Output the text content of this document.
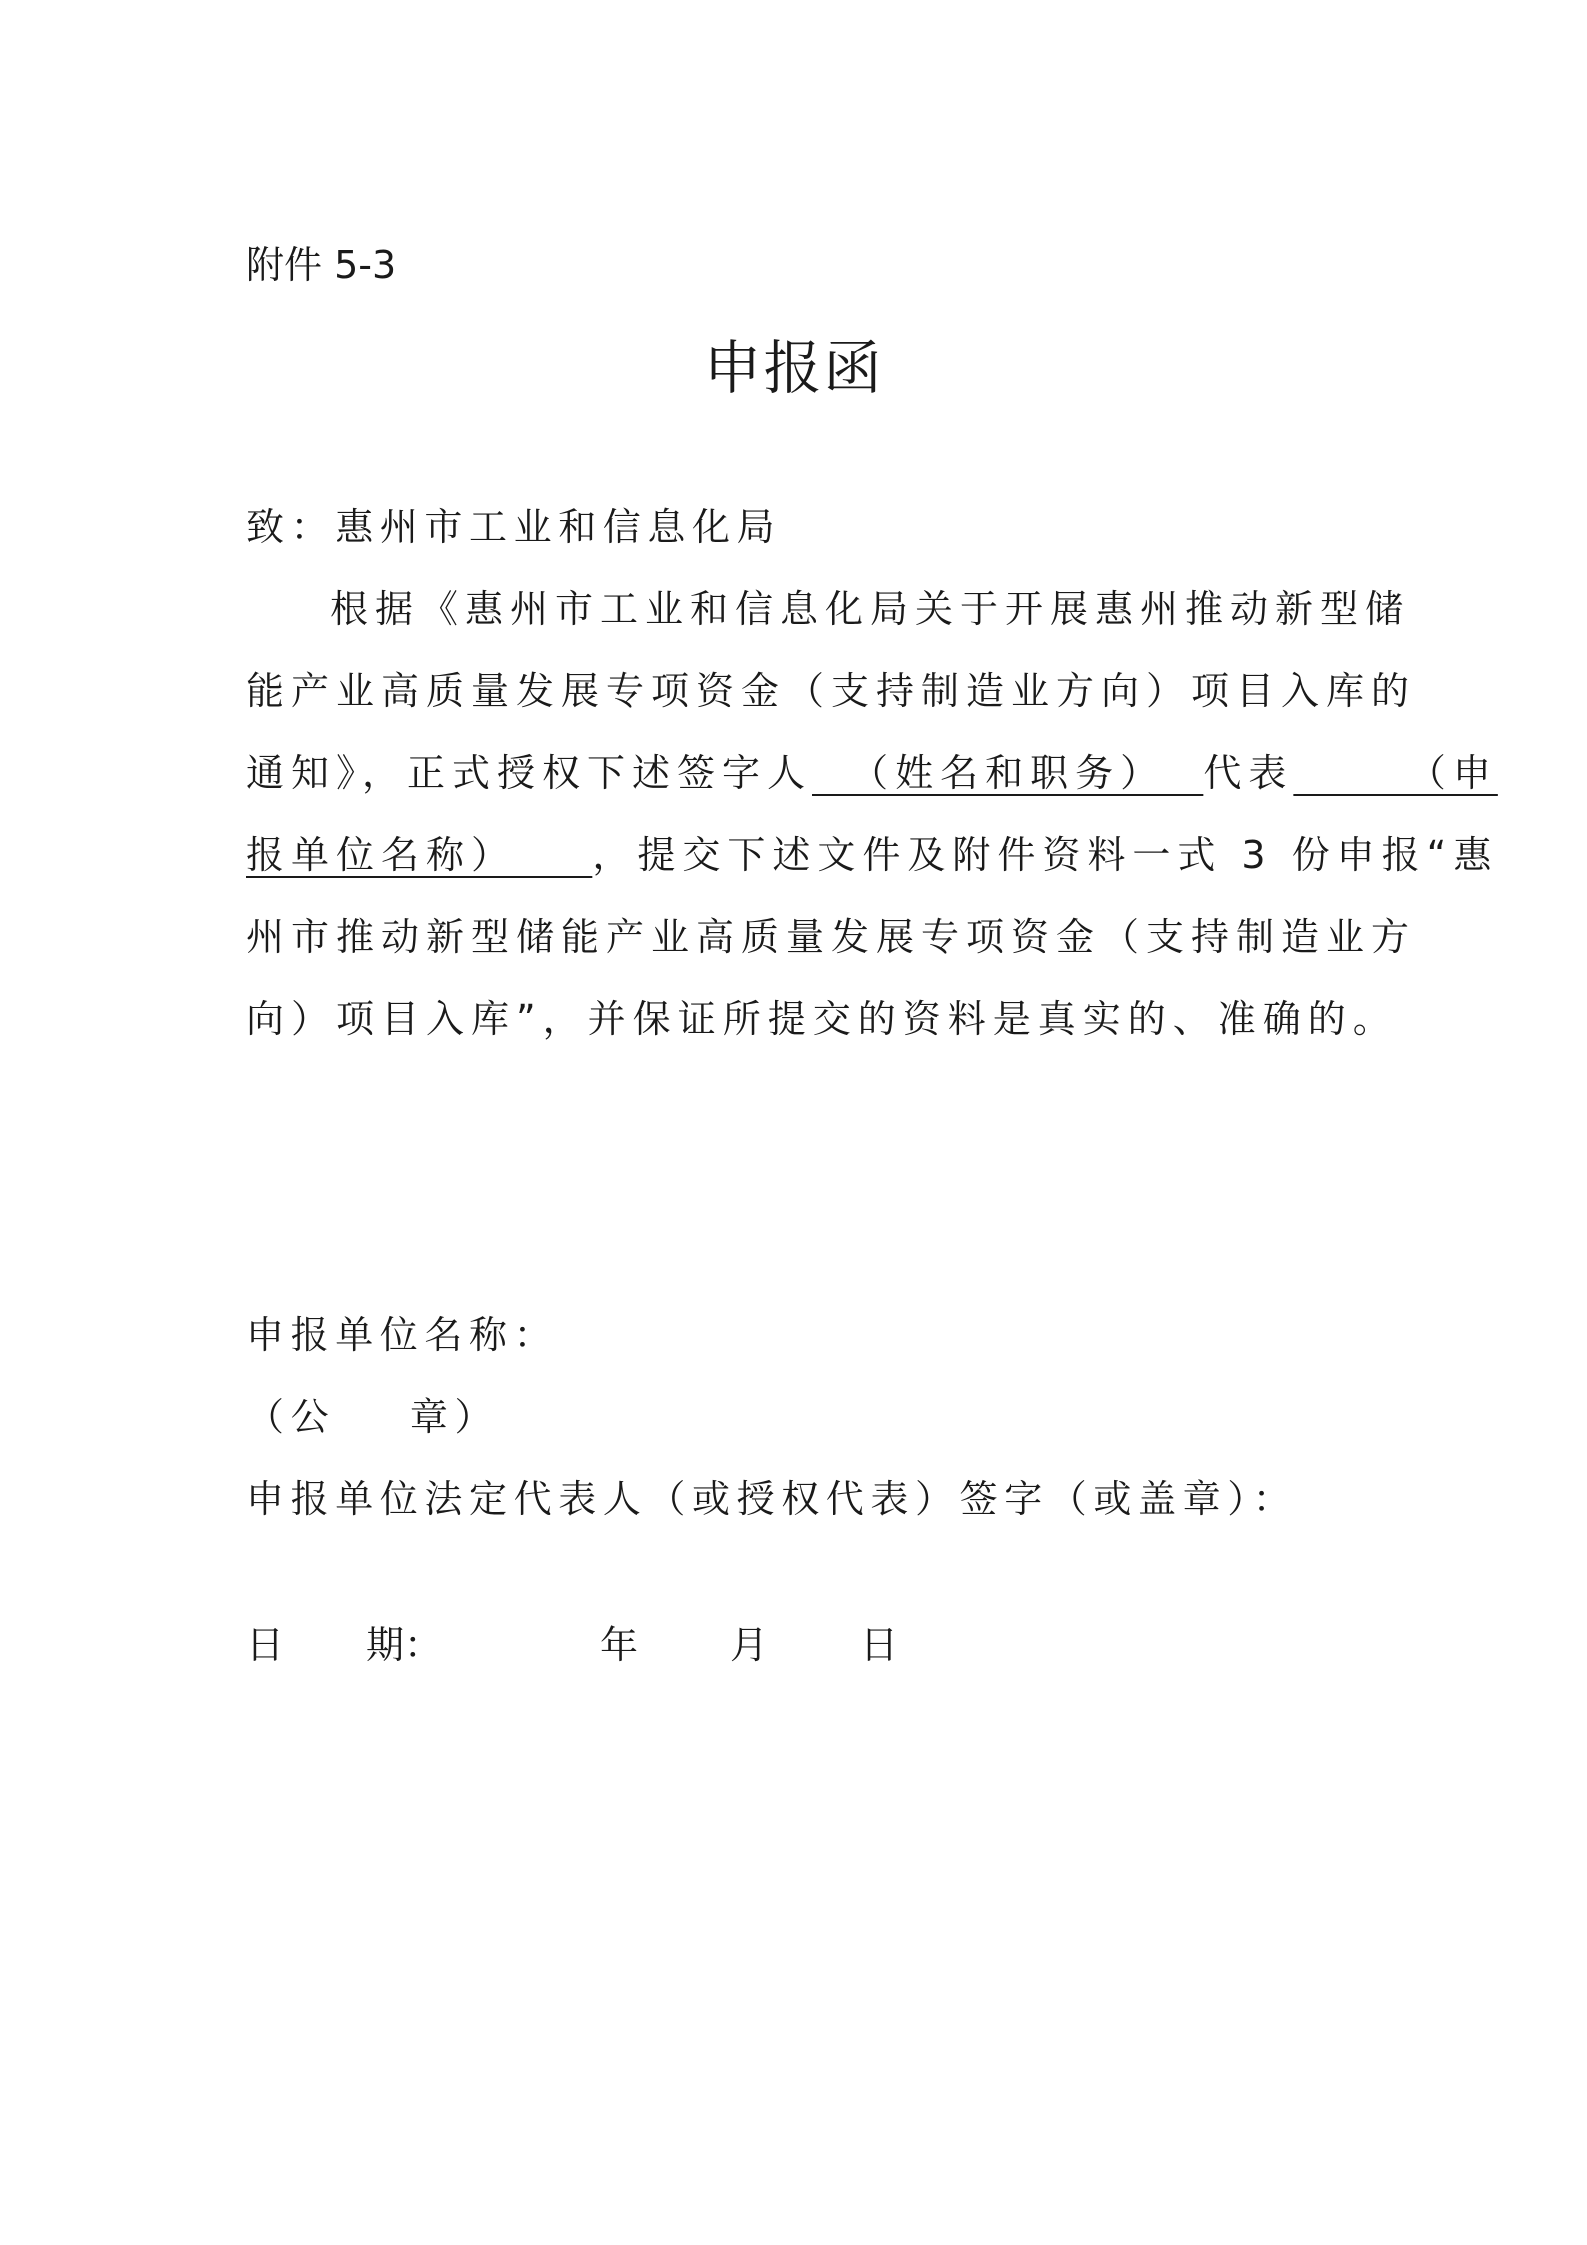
附件 5-3
申报函
致：惠州市工业和信息化局
根据《惠州市工业和信息化局关于开展惠州推动新型储
能产业高质量发展专项资金（支持制造业方向）项目入库的
通知》，正式授权下述签字人  （姓名和职务）  代表      （申
报单位名称）    ，提交下述文件及附件资料一式 3 份申报“惠
州市推动新型储能产业高质量发展专项资金（支持制造业方
向）项目入库”，并保证所提交的资料是真实的、准确的。
申报单位名称：
（公    章）
申报单位法定代表人（或授权代表）签字（或盖章）：
日 期：	年 月 日
